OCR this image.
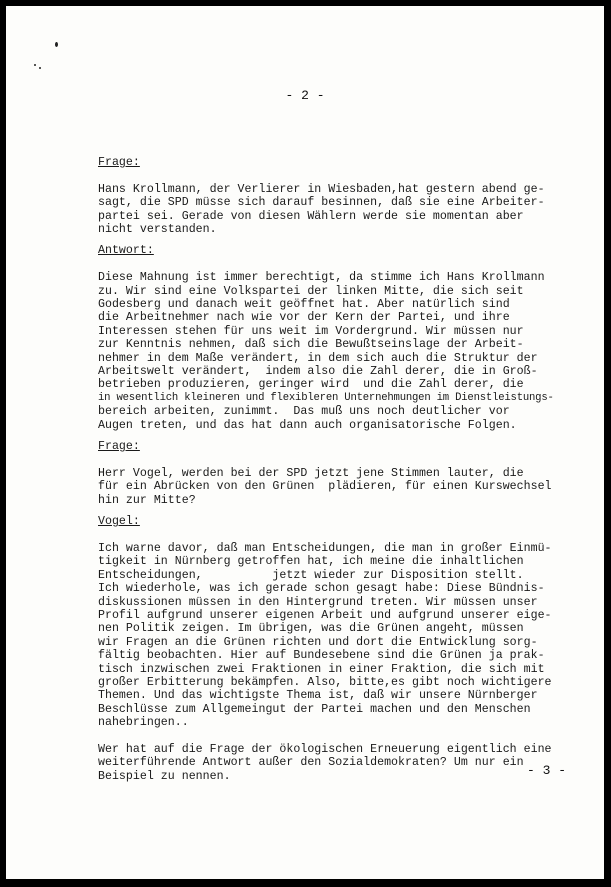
- 2 -
Frage:
Hans Krollmann, der Verlierer in Wiesbaden,hat gestern abend ge-
sagt, die SPD müsse sich darauf besinnen, daß sie eine Arbeiter-
partei sei. Gerade von diesen Wählern werde sie momentan aber
nicht verstanden.
Antwort:
Diese Mahnung ist immer berechtigt, da stimme ich Hans Krollmann
zu. Wir sind eine Volkspartei der linken Mitte, die sich seit
Godesberg und danach weit geöffnet hat. Aber natürlich sind
die Arbeitnehmer nach wie vor der Kern der Partei, und ihre
Interessen stehen für uns weit im Vordergrund. Wir müssen nur
zur Kenntnis nehmen, daß sich die Bewußtseinslage der Arbeit-
nehmer in dem Maße verändert, in dem sich auch die Struktur der
Arbeitswelt verändert,  indem also die Zahl derer, die in Groß-
betrieben produzieren, geringer wird  und die Zahl derer, die
in wesentlich kleineren und flexibleren Unternehmungen im Dienstleistungs-
bereich arbeiten, zunimmt.  Das muß uns noch deutlicher vor
Augen treten, und das hat dann auch organisatorische Folgen.
Frage:
Herr Vogel, werden bei der SPD jetzt jene Stimmen lauter, die
für ein Abrücken von den Grünen  plädieren, für einen Kurswechsel
hin zur Mitte?
Vogel:
Ich warne davor, daß man Entscheidungen, die man in großer Einmü-
tigkeit in Nürnberg getroffen hat, ich meine die inhaltlichen
Entscheidungen,          jetzt wieder zur Disposition stellt.
Ich wiederhole, was ich gerade schon gesagt habe: Diese Bündnis-
diskussionen müssen in den Hintergrund treten. Wir müssen unser
Profil aufgrund unserer eigenen Arbeit und aufgrund unserer eige-
nen Politik zeigen. Im übrigen, was die Grünen angeht, müssen
wir Fragen an die Grünen richten und dort die Entwicklung sorg-
fältig beobachten. Hier auf Bundesebene sind die Grünen ja prak-
tisch inzwischen zwei Fraktionen in einer Fraktion, die sich mit
großer Erbitterung bekämpfen. Also, bitte,es gibt noch wichtigere
Themen. Und das wichtigste Thema ist, daß wir unsere Nürnberger
Beschlüsse zum Allgemeingut der Partei machen und den Menschen
nahebringen..
Wer hat auf die Frage der ökologischen Erneuerung eigentlich eine
weiterführende Antwort außer den Sozialdemokraten? Um nur ein
Beispiel zu nennen.	- 3 -
